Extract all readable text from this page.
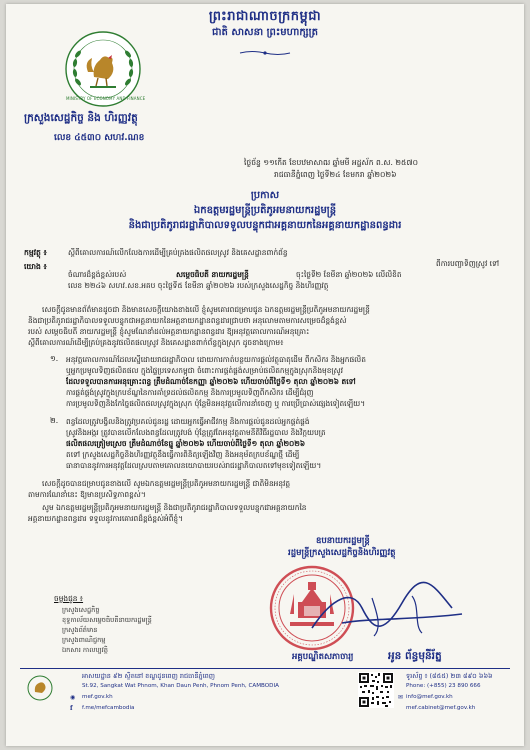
ព្រះរាជាណាចក្រកម្ពុជា
ជាតិ សាសនា ព្រះមហាក្សត្រ
MINISTRY OF ECONOMY AND FINANCE
ក្រសួងសេដ្ឋកិច្ច និង ហិរញ្ញវត្ថុ
លេខ ៤៥៣០ សហវ.ណខ
ថ្ងៃច័ន្ទ ១១កើត ខែបឋមាសាឍ ឆ្នាំមមី អដ្ឋស័ក ព.ស. ២៥៧០
រាជធានីភ្នំពេញ ថ្ងៃទី២៤ ខែមករា ឆ្នាំ២០២៦
ប្រកាស
ឯកឧត្តមរដ្ឋមន្ត្រីប្រតិភូអមនាយករដ្ឋមន្ត្រី
និងជាប្រតិភូរាជរដ្ឋាភិបាលទទួលបន្ទុកជាអគ្គនាយកនៃអគ្គនាយកដ្ឋានពន្ធដារ
កម្មវត្ថុ ៖	ស្តីពីគោលការណ៍លើកលែងការដើម្បីគ្រប់គ្រងផលិតផលស្រូវ និងគេសដ្ឋានពាក់ព័ន្ធ
ពីការបញ្ជាទិញស្រូវ ទៅ
យោង ៖
ចំណារដ៏ខ្ពង់ខ្ពស់របស់	សម្តេចធិបតី នាយករដ្ឋមន្ត្រី	ចុះថ្ងៃទី២ ខែមីនា ឆ្នាំ២០២៦ លើលិខិត
លេខ ២២៤៦ សហវ.សខ.អគប ចុះថ្ងៃទី៥ ខែមីនា ឆ្នាំ២០២៦ របស់ក្រសួងសេដ្ឋកិច្ច និងហិរញ្ញវត្ថុ
សេចក្តីជូនមានព័ត៌មានដូចជា និងមានសេចក្តីយោងខាងលើ ខ្ញុំសូមគោរពជម្រាបជូន ឯកឧត្តមរដ្ឋមន្ត្រីប្រតិភូអមនាយករដ្ឋមន្ត្រី
និងជាប្រតិភូរាជរដ្ឋាភិបាលទទួលបន្ទុកជាអគ្គនាយកនៃអគ្គនាយកដ្ឋានពន្ធដារជ្រាបថា អនុលោមតាមការសម្រេចដ៏ខ្ពង់ខ្ពស់
របស់ សម្តេចធិបតី នាយករដ្ឋមន្ត្រី ខ្ញុំសូមណែនាំដល់អគ្គនាយកដ្ឋានពន្ធដារ ឱ្យអនុវត្តគោលការណ៍អនុគ្រោះ
ស្តីពីគោលការណ៍ដើម្បីគ្រប់គ្រងនូវផលិតផលស្រូវ និងគេសដ្ឋានពាក់ព័ន្ធក្នុងស្រុក ដូចខាងក្រោម៖
១. អនុវត្តគោលការណ៍ដែលស្នើដោយរាជរដ្ឋាភិបាល ដោយការកាត់បន្ថយការផ្តល់វត្ថុធាតុដើម ពីកសិករ និងអ្នកផលិត
ឬអ្នកប្រមូលទិញផលិតផល ក្នុងផ្ទៃប្រទេសកម្ពុជា ចំពោះការផ្គត់ផ្គង់សម្រាប់ផលិតកម្មក្នុងស្រុកនិងមុខស្រូវ
ដែលទទួលបានការអនុគ្រោះពន្ធ ត្រឹមដំណាច់ខែកញ្ញា ឆ្នាំ២០២៦ ហើយចាប់ពីថ្ងៃទី១ តុលា ឆ្នាំ២០២៦ តទៅ
ការផ្គត់ផ្គង់ស្រូវក្នុងក្របខ័ណ្ឌនៃការគាំទ្រដល់ផលិតកម្ម និងការប្រមូលទិញពីកសិករ ដើម្បីជំរុញ
ការប្រមូលទិញនិងកែច្នៃផលិតផលស្រូវក្នុងស្រុក ប៉ុន្តែមិនអនុវត្តលើការនាំចេញ ឬ ការប្រើប្រាស់ផ្សេងទៀតឡើយ។
២. ពន្ធដែលត្រូវបង្វិលនិងត្រូវប្រគល់ជូនរដ្ឋ ដោយអ្នកធ្វើអាជីវកម្ម និងការផ្តល់ជូនដល់អ្នកផ្គត់ផ្គង់
ស្រូវនិងអង្ករ ត្រូវបានលើកលែងពន្ធដែលត្រូវបង់ ប៉ុន្តែត្រូវតែអនុវត្តតាមនីតិវិធីរដ្ឋបាល និងវិក្កយបត្រ
ផលិតផលត្រៀមស្រេច ត្រឹមដំណាច់ខែធ្នូ ឆ្នាំ២០២៦ ហើយចាប់ពីថ្ងៃទី១ តុលា ឆ្នាំ២០២៦
តទៅ ក្រសួងសេដ្ឋកិច្ចនិងហិរញ្ញវត្ថុនឹងធ្វើការពិនិត្យឡើងវិញ និងអនុម័តក្របខ័ណ្ឌថ្មី ដើម្បី
ធានាបាននូវការអនុវត្តដែលស្របតាមគោលនយោបាយរបស់រាជរដ្ឋាភិបាលតទៅមុខទៀតឡើយ។
សេចក្តីដូចបានជម្រាបជូនខាងលើ សូមឯកឧត្តមរដ្ឋមន្ត្រីប្រតិភូអមនាយករដ្ឋមន្ត្រី ជាតិមិនអនុវត្ត
តាមការណែនាំនេះ ឱ្យមានប្រសិទ្ធភាពខ្ពស់។
សូម ឯកឧត្តមរដ្ឋមន្ត្រីប្រតិភូអមនាយករដ្ឋមន្ត្រី និងជាប្រតិភូរាជរដ្ឋាភិបាលទទួលបន្ទុកជាអគ្គនាយកនៃ
អគ្គនាយកដ្ឋានពន្ធដារ ទទួលនូវការគោរពដ៏ខ្ពង់ខ្ពស់អំពីខ្ញុំ។
ឧបនាយករដ្ឋមន្ត្រី
រដ្ឋមន្ត្រីក្រសួងសេដ្ឋកិច្ចនិងហិរញ្ញវត្ថុ
អគ្គបណ្ឌិតសភាចារ្យ	អូន ព័ន្ធមុនីរ័ត្ន
ចម្លងជូន ៖
ក្រសួងសេដ្ឋកិច្ច
ខុទ្ទកាល័យសម្តេចធិបតីនាយករដ្ឋមន្ត្រី
ក្រសួងព័ត៌មាន
ក្រសួងពាណិជ្ជកម្ម
ឯកសារ កាលប្បវត្តិ
អាសយដ្ឋាន ៩២ ស្ថិតនៅ ខណ្ឌដូនពេញ រាជធានីភ្នំពេញ
St.92, Sangkat Wat Phnom, Khan Daun Penh, Phnom Penh, CAMBODIA
◉ mef.gov.kh
f f.me/mefcambodia
ទូរស័ព្ទ ៖ (៨៥៥) ២៣ ៨៩០ ៦៦៦
Phone: (+855) 23 890 666
✉ info@mef.gov.kh
mef.cabinet@mef.gov.kh
